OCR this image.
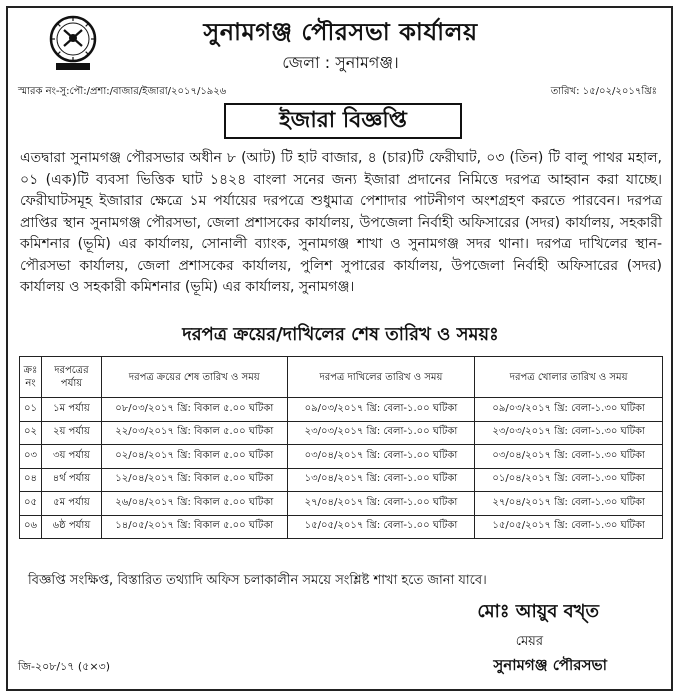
সুনামগঞ্জ পৌরসভা কার্যালয়
জেলা : সুনামগঞ্জ।
স্মারক নং-সু:পৌ:/প্রশা:/বাজার/ইজারা/২০১৭/১৯২৬	তারিখ: ১৫/০২/২০১৭খ্রিঃ
ইজারা বিজ্ঞপ্তি
এতদ্বারা সুনামগঞ্জ পৌরসভার অধীন ৮ (আট) টি হাট বাজার, ৪ (চার)টি ফেরীঘাট, ০৩ (তিন) টি বালু পাথর মহাল, ০১ (এক)টি ব্যবসা ভিত্তিক ঘাট ১৪২৪ বাংলা সনের জন্য ইজারা প্রদানের নিমিত্তে দরপত্র আহ্বান করা যাচ্ছে। ফেরীঘাটসমূহ ইজারার ক্ষেত্রে ১ম পর্যায়ের দরপত্রে শুধুমাত্র পেশাদার পাটনীগণ অংশগ্রহণ করতে পারবেন। দরপত্র প্রাপ্তির স্থান সুনামগঞ্জ পৌরসভা, জেলা প্রশাসকের কার্যালয়, উপজেলা নির্বাহী অফিসারের (সদর) কার্যালয়, সহকারী কমিশনার (ভূমি) এর কার্যালয়, সোনালী ব্যাংক, সুনামগঞ্জ শাখা ও সুনামগঞ্জ সদর থানা। দরপত্র দাখিলের স্থান-পৌরসভা কার্যালয়, জেলা প্রশাসকের কার্যালয়, পুলিশ সুপারের কার্যালয়, উপজেলা নির্বাহী অফিসারের (সদর) কার্যালয় ও সহকারী কমিশনার (ভূমি) এর কার্যালয়, সুনামগঞ্জ।
দরপত্র ক্রয়ের/দাখিলের শেষ তারিখ ও সময়ঃ
ক্রঃ নং	দরপত্রের পর্যায়	দরপত্র ক্রয়ের শেষ তারিখ ও সময়	দরপত্র দাখিলের তারিখ ও সময়	দরপত্র খোলার তারিখ ও সময়
০১	১ম পর্যায়	০৮/০৩/২০১৭ খ্রি: বিকাল ৫.০০ ঘটিকা	০৯/০৩/২০১৭ খ্রি: বেলা-১.০০ ঘটিকা	০৯/০৩/২০১৭ খ্রি: বেলা-১.৩০ ঘটিকা
০২	২য় পর্যায়	২২/০৩/২০১৭ খ্রি: বিকাল ৫.০০ ঘটিকা	২৩/০৩/২০১৭ খ্রি: বেলা-১.০০ ঘটিকা	২৩/০৩/২০১৭ খ্রি: বেলা-১.৩০ ঘটিকা
০৩	৩য় পর্যায়	০২/০৪/২০১৭ খ্রি: বিকাল ৫.০০ ঘটিকা	০৩/০৪/২০১৭ খ্রি: বেলা-১.০০ ঘটিকা	০৩/০৪/২০১৭ খ্রি: বেলা-১.৩০ ঘটিকা
০৪	৪র্থ পর্যায়	১২/০৪/২০১৭ খ্রি: বিকাল ৫.০০ ঘটিকা	১৩/০৪/২০১৭ খ্রি: বেলা-১.০০ ঘটিকা	০১/০৪/২০১৭ খ্রি: বেলা-১.৩০ ঘটিকা
০৫	৫ম পর্যায়	২৬/০৪/২০১৭ খ্রি: বিকাল ৫.০০ ঘটিকা	২৭/০৪/২০১৭ খ্রি: বেলা-১.০০ ঘটিকা	২৭/০৪/২০১৭ খ্রি: বেলা-১.৩০ ঘটিকা
০৬	৬ষ্ঠ পর্যায়	১৪/০৫/২০১৭ খ্রি: বিকাল ৫.০০ ঘটিকা	১৫/০৫/২০১৭ খ্রি: বেলা-১.০০ ঘটিকা	১৫/০৫/২০১৭ খ্রি: বেলা-১.৩০ ঘটিকা
বিজ্ঞপ্তি সংক্ষিপ্ত, বিস্তারিত তথ্যাদি অফিস চলাকালীন সময়ে সংশ্লিষ্ট শাখা হতে জানা যাবে।
মোঃ আয়ুব বখ্ত
মেয়র
সুনামগঞ্জ পৌরসভা
জি-২০৮/১৭ (৫×৩)
